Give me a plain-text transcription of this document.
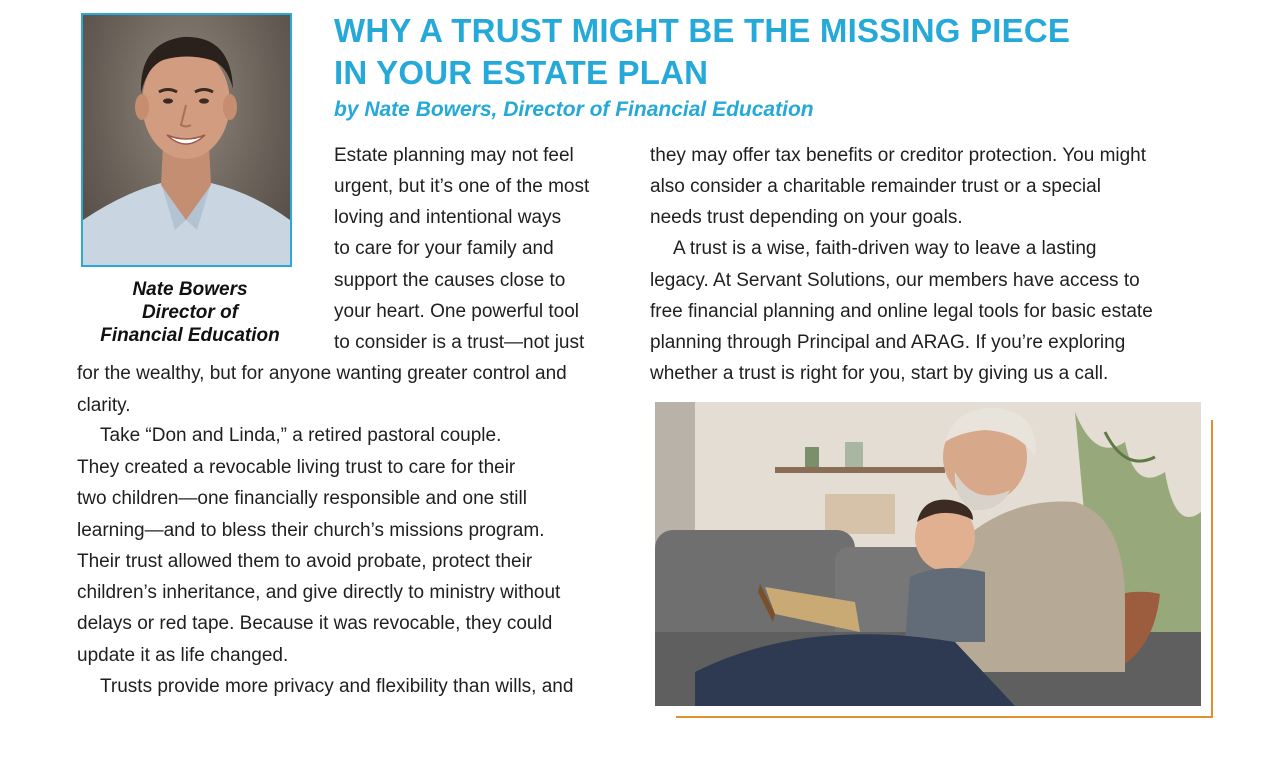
Nate Bowers
Director of
Financial Education
WHY A TRUST MIGHT BE THE MISSING PIECE
IN YOUR ESTATE PLAN
by Nate Bowers, Director of Financial Education
Estate planning may not feel
urgent, but it’s one of the most
loving and intentional ways
to care for your family and
support the causes close to
your heart. One powerful tool
to consider is a trust—not just
for the wealthy, but for anyone wanting greater control and
clarity.
Take “Don and Linda,” a retired pastoral couple.
They created a revocable living trust to care for their
two children—one financially responsible and one still
learning—and to bless their church’s missions program.
Their trust allowed them to avoid probate, protect their
children’s inheritance, and give directly to ministry without
delays or red tape. Because it was revocable, they could
update it as life changed.
Trusts provide more privacy and flexibility than wills, and
they may offer tax benefits or creditor protection. You might
also consider a charitable remainder trust or a special
needs trust depending on your goals.
A trust is a wise, faith-driven way to leave a lasting
legacy. At Servant Solutions, our members have access to
free financial planning and online legal tools for basic estate
planning through Principal and ARAG. If you’re exploring
whether a trust is right for you, start by giving us a call.
